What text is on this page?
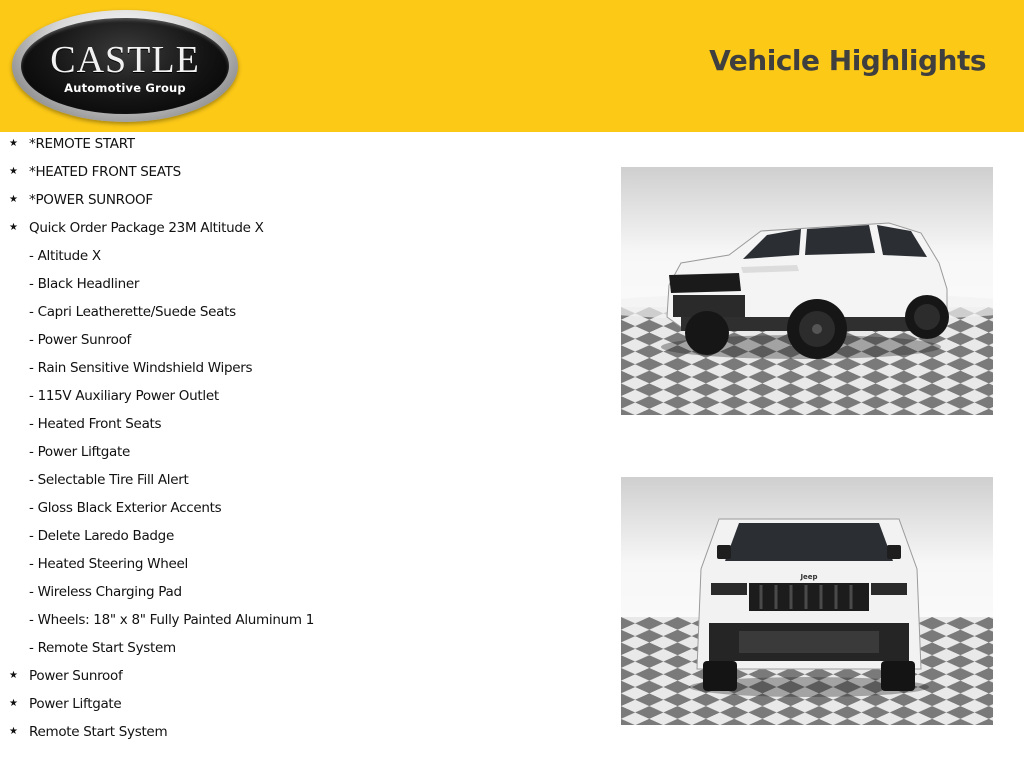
CASTLE
Automotive Group
Vehicle Highlights
★ *REMOTE START
★ *HEATED FRONT SEATS
★ *POWER SUNROOF
★ Quick Order Package 23M Altitude X
- Altitude X
- Black Headliner
- Capri Leatherette/Suede Seats
- Power Sunroof
- Rain Sensitive Windshield Wipers
- 115V Auxiliary Power Outlet
- Heated Front Seats
- Power Liftgate
- Selectable Tire Fill Alert
- Gloss Black Exterior Accents
- Delete Laredo Badge
- Heated Steering Wheel
- Wireless Charging Pad
- Wheels: 18" x 8" Fully Painted Aluminum 1
- Remote Start System
★ Power Sunroof
★ Power Liftgate
★ Remote Start System
Jeep
